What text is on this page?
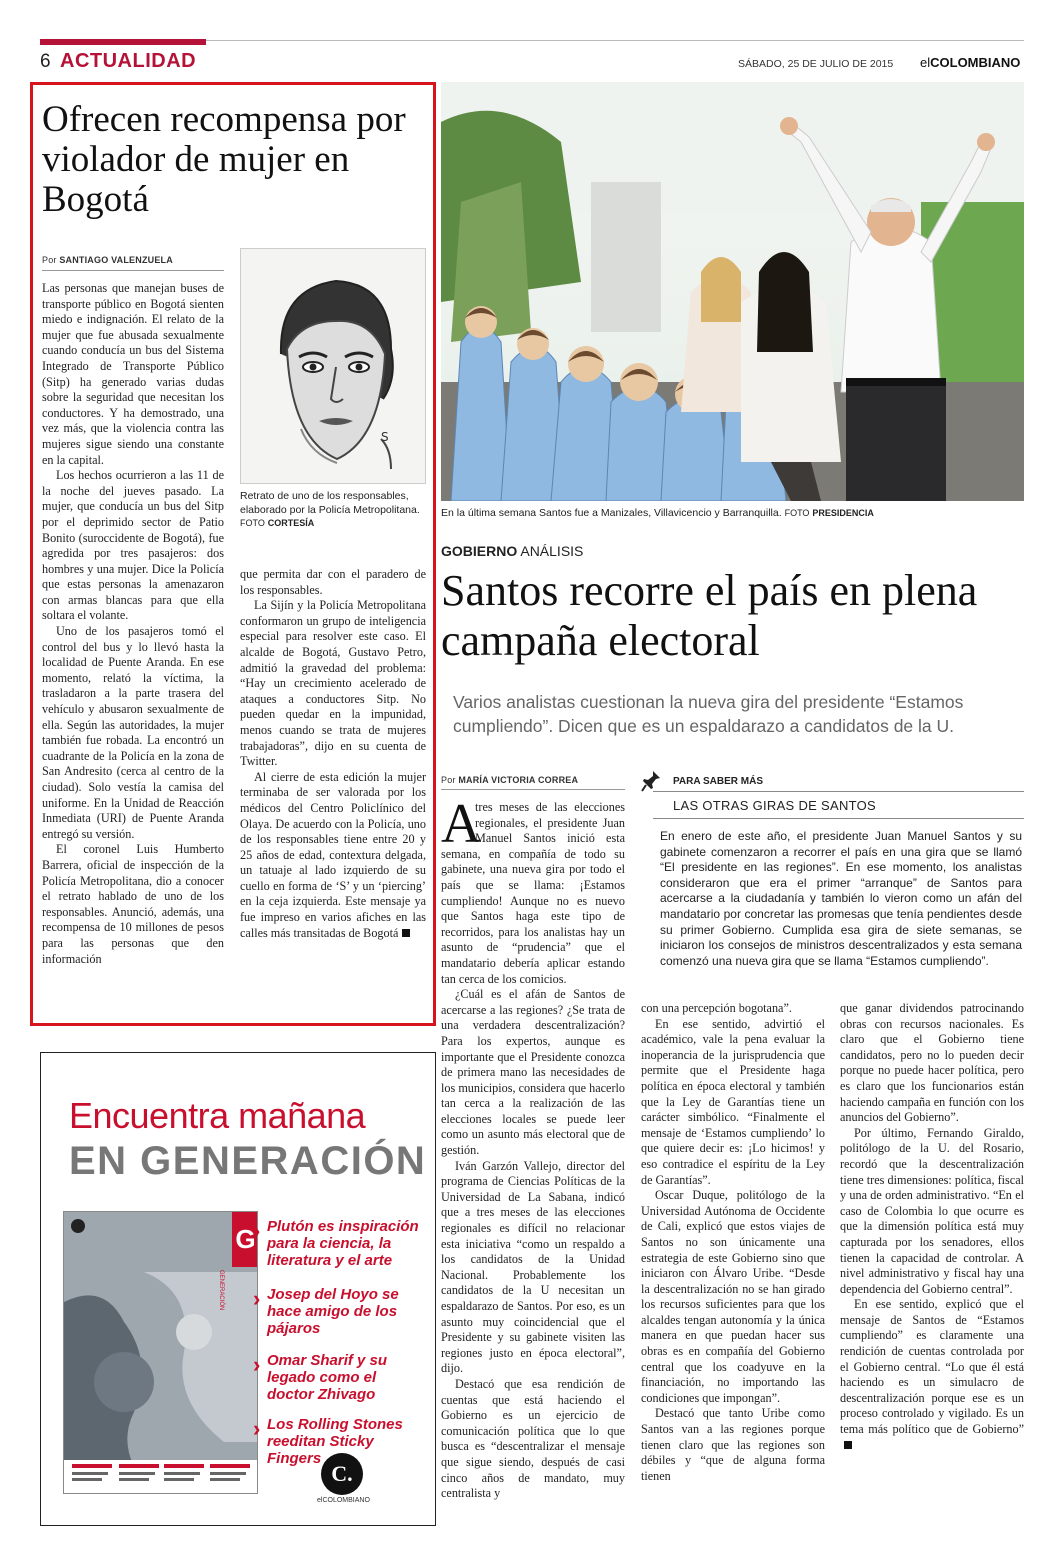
6 ACTUALIDAD	SÁBADO, 25 DE JULIO DE 2015 elCOLOMBIANO
Ofrecen recompensa por violador de mujer en Bogotá
Por SANTIAGO VALENZUELA
S
Retrato de uno de los responsables, elaborado por la Policía Metropolitana. FOTO CORTESÍA

Las personas que manejan buses de transporte público en Bogotá sienten miedo e indignación. El relato de la mujer que fue abusada sexualmente cuando conducía un bus del Sistema Integrado de Transporte Público (Sitp) ha generado varias dudas sobre la seguridad que necesitan los conductores. Y ha demostrado, una vez más, que la violencia contra las mujeres sigue siendo una constante en la capital.

Los hechos ocurrieron a las 11 de la noche del jueves pasado. La mujer, que conducía un bus del Sitp por el deprimido sector de Patio Bonito (suroccidente de Bogotá), fue agredida por tres pasajeros: dos hombres y una mujer. Dice la Policía que estas personas la amenazaron con armas blancas para que ella soltara el volante.

Uno de los pasajeros tomó el control del bus y lo llevó hasta la localidad de Puente Aranda. En ese momento, relató la víctima, la trasladaron a la parte trasera del vehículo y abusaron sexualmente de ella. Según las autoridades, la mujer también fue robada. La encontró un cuadrante de la Policía en la zona de San Andresito (cerca al centro de la ciudad). Solo vestía la camisa del uniforme. En la Unidad de Reacción Inmediata (URI) de Puente Aranda entregó su versión.

El coronel Luis Humberto Barrera, oficial de inspección de la Policía Metropolitana, dio a conocer el retrato hablado de uno de los responsables. Anunció, además, una recompensa de 10 millones de pesos para las personas que den información

que permita dar con el paradero de los responsables.

La Sijín y la Policía Metropolitana conformaron un grupo de inteligencia especial para resolver este caso. El alcalde de Bogotá, Gustavo Petro, admitió la gravedad del problema: “Hay un crecimiento acelerado de ataques a conductores Sitp. No pueden quedar en la impunidad, menos cuando se trata de mujeres trabajadoras”, dijo en su cuenta de Twitter.

Al cierre de esta edición la mujer terminaba de ser valorada por los médicos del Centro Policlínico del Olaya. De acuerdo con la Policía, uno de los responsables tiene entre 20 y 25 años de edad, contextura delgada, un tatuaje al lado izquierdo de su cuello en forma de ‘S’ y un ‘piercing’ en la ceja izquierda. Este mensaje ya fue impreso en varios afiches en las calles más transitadas de Bogotá

En la última semana Santos fue a Manizales, Villavicencio y Barranquilla. FOTO PRESIDENCIA
GOBIERNO ANÁLISIS
Santos recorre el país en plena campaña electoral
Varios analistas cuestionan la nueva gira del presidente “Estamos cumpliendo”. Dicen que es un espaldarazo a candidatos de la U.
Por MARÍA VICTORIA CORREA	PARA SABER MÁS
LAS OTRAS GIRAS DE SANTOS
En enero de este año, el presidente Juan Manuel Santos y su gabinete comenzaron a recorrer el país en una gira que se llamó “El presidente en las regiones”. En ese momento, los analistas consideraron que era el primer “arranque” de Santos para acercarse a la ciudadanía y también lo vieron como un afán del mandatario por concretar las promesas que tenía pendientes desde su primer Gobierno. Cumplida esa gira de siete semanas, se iniciaron los consejos de ministros descentralizados y esta semana comenzó una nueva gira que se llama “Estamos cumpliendo”.
A

tres meses de las elecciones regionales, el presidente Juan Manuel Santos inició esta semana, en compañía de todo su gabinete, una nueva gira por todo el país que se llama: ¡Estamos cumpliendo! Aunque no es nuevo que Santos haga este tipo de recorridos, para los analistas hay un asunto de “prudencia” que el mandatario debería aplicar estando tan cerca de los comicios.

¿Cuál es el afán de Santos de acercarse a las regiones? ¿Se trata de una verdadera descentralización? Para los expertos, aunque es importante que el Presidente conozca de primera mano las necesidades de los municipios, considera que hacerlo tan cerca a la realización de las elecciones locales se puede leer como un asunto más electoral que de gestión.

Iván Garzón Vallejo, director del programa de Ciencias Políticas de la Universidad de La Sabana, indicó que a tres meses de las elecciones regionales es difícil no relacionar esta iniciativa “como un respaldo a los candidatos de la Unidad Nacional. Probablemente los candidatos de la U necesitan un espaldarazo de Santos. Por eso, es un asunto muy coincidencial que el Presidente y su gabinete visiten las regiones justo en época electoral”, dijo.

Destacó que esa rendición de cuentas que está haciendo el Gobierno es un ejercicio de comunicación política que lo que busca es “descentralizar el mensaje que sigue siendo, después de casi cinco años de mandato, muy centralista y

con una percepción bogotana”.

En ese sentido, advirtió el académico, vale la pena evaluar la inoperancia de la jurisprudencia que permite que el Presidente haga política en época electoral y también que la Ley de Garantías tiene un carácter simbólico. “Finalmente el mensaje de ‘Estamos cumpliendo’ lo que quiere decir es: ¡Lo hicimos! y eso contradice el espíritu de la Ley de Garantías”.

Oscar Duque, politólogo de la Universidad Autónoma de Occidente de Cali, explicó que estos viajes de Santos no son únicamente una estrategia de este Gobierno sino que iniciaron con Álvaro Uribe. “Desde la descentralización no se han girado los recursos suficientes para que los alcaldes tengan autonomía y la única manera en que puedan hacer sus obras es en compañía del Gobierno central que los coadyuve en la financiación, no importando las condiciones que impongan”.

Destacó que tanto Uribe como Santos van a las regiones porque tienen claro que las regiones son débiles y “que de alguna forma tienen

que ganar dividendos patrocinando obras con recursos nacionales. Es claro que el Gobierno tiene candidatos, pero no lo pueden decir porque no puede hacer política, pero es claro que los funcionarios están haciendo campaña en función con los anuncios del Gobierno”.

Por último, Fernando Giraldo, politólogo de la U. del Rosario, recordó que la descentralización tiene tres dimensiones: política, fiscal y una de orden administrativo. “En el caso de Colombia lo que ocurre es que la dimensión política está muy capturada por los senadores, ellos tienen la capacidad de controlar. A nivel administrativo y fiscal hay una dependencia del Gobierno central”.

En ese sentido, explicó que el mensaje de Santos de “Estamos cumpliendo” es claramente una rendición de cuentas controlada por el Gobierno central. “Lo que él está haciendo es un simulacro de descentralización porque ese es un proceso controlado y vigilado. Es un tema más político que de Gobierno”

Encuentra mañana
EN GENERACIÓN
G
GENERACIÓN
› Plutón es inspiración para la ciencia, la literatura y el arte
› Josep del Hoyo se hace amigo de los pájaros
› Omar Sharif y su legado como el doctor Zhivago
› Los Rolling Stones reeditan Sticky Fingers
C.
elCOLOMBIANO
